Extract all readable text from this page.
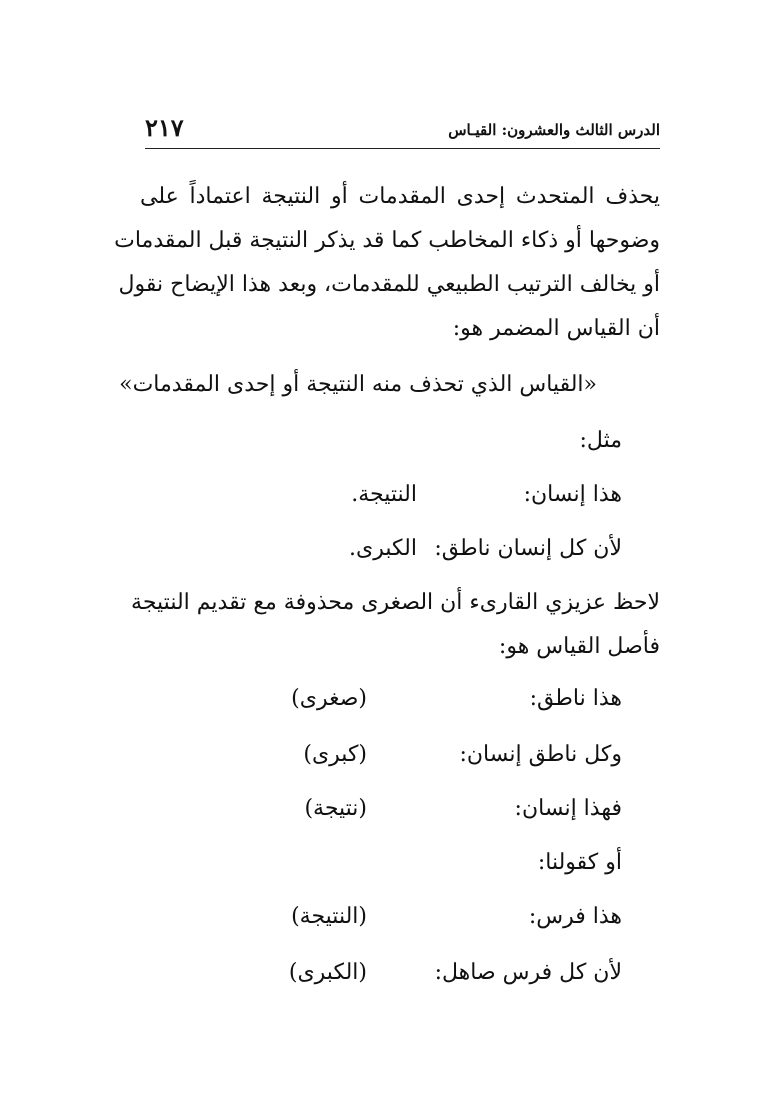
٢١٧	الدرس الثالث والعشرون: القيـاس
يحذف المتحدث إحدى المقدمات أو النتيجة اعتماداً على
وضوحها أو ذكاء المخاطب كما قد يذكر النتيجة قبل المقدمات
أو يخالف الترتيب الطبيعي للمقدمات، وبعد هذا الإيضاح نقول
أن القياس المضمر هو:
«القياس الذي تحذف منه النتيجة أو إحدى المقدمات»
مثل:
هذا إنسان:
النتيجة.
لأن كل إنسان ناطق:
الكبرى.
لاحظ عزيزي القارىء أن الصغرى محذوفة مع تقديم النتيجة
فأصل القياس هو:
هذا ناطق:
(صغرى)
وكل ناطق إنسان:
(كبرى)
فهذا إنسان:
(نتيجة)
أو كقولنا:
هذا فرس:
(النتيجة)
لأن كل فرس صاهل:
(الكبرى)
